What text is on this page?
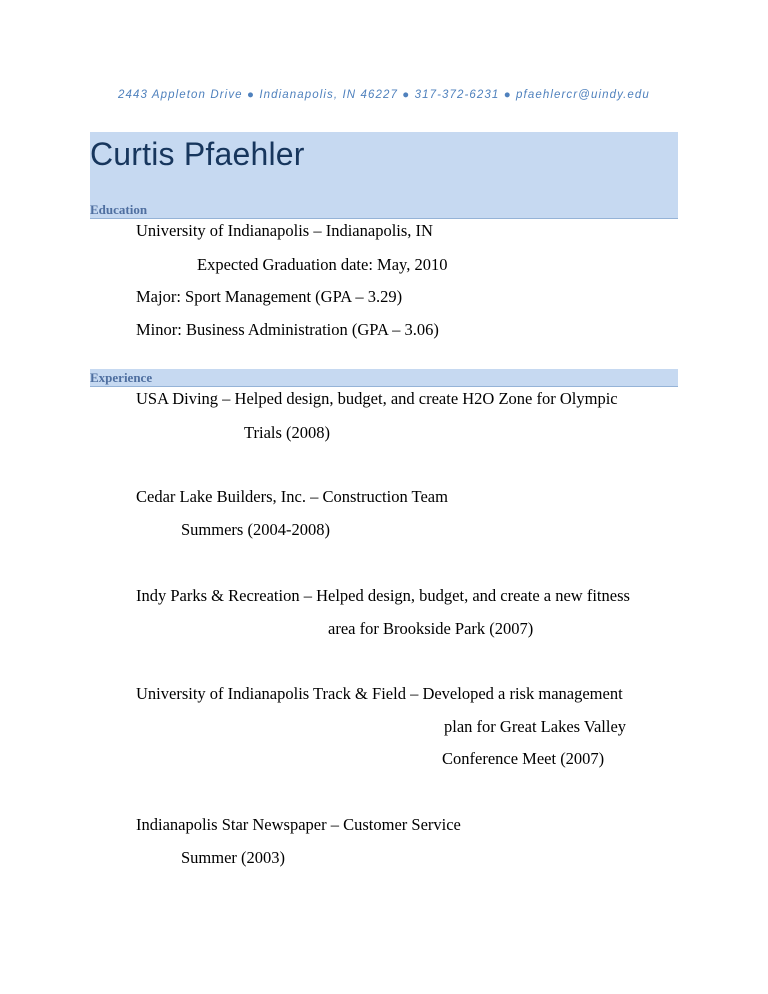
2443 Appleton Drive ● Indianapolis, IN 46227 ● 317-372-6231 ● pfaehlercr@uindy.edu
Curtis Pfaehler
Education
University of Indianapolis – Indianapolis, IN
Expected Graduation date: May, 2010
Major: Sport Management (GPA – 3.29)
Minor: Business Administration (GPA – 3.06)
Experience
USA Diving – Helped design, budget, and create H2O Zone for Olympic
Trials (2008)
Cedar Lake Builders, Inc. – Construction Team
Summers (2004-2008)
Indy Parks & Recreation – Helped design, budget, and create a new fitness
area for Brookside Park (2007)
University of Indianapolis Track & Field – Developed a risk management
plan for Great Lakes Valley
Conference Meet (2007)
Indianapolis Star Newspaper – Customer Service
Summer (2003)
